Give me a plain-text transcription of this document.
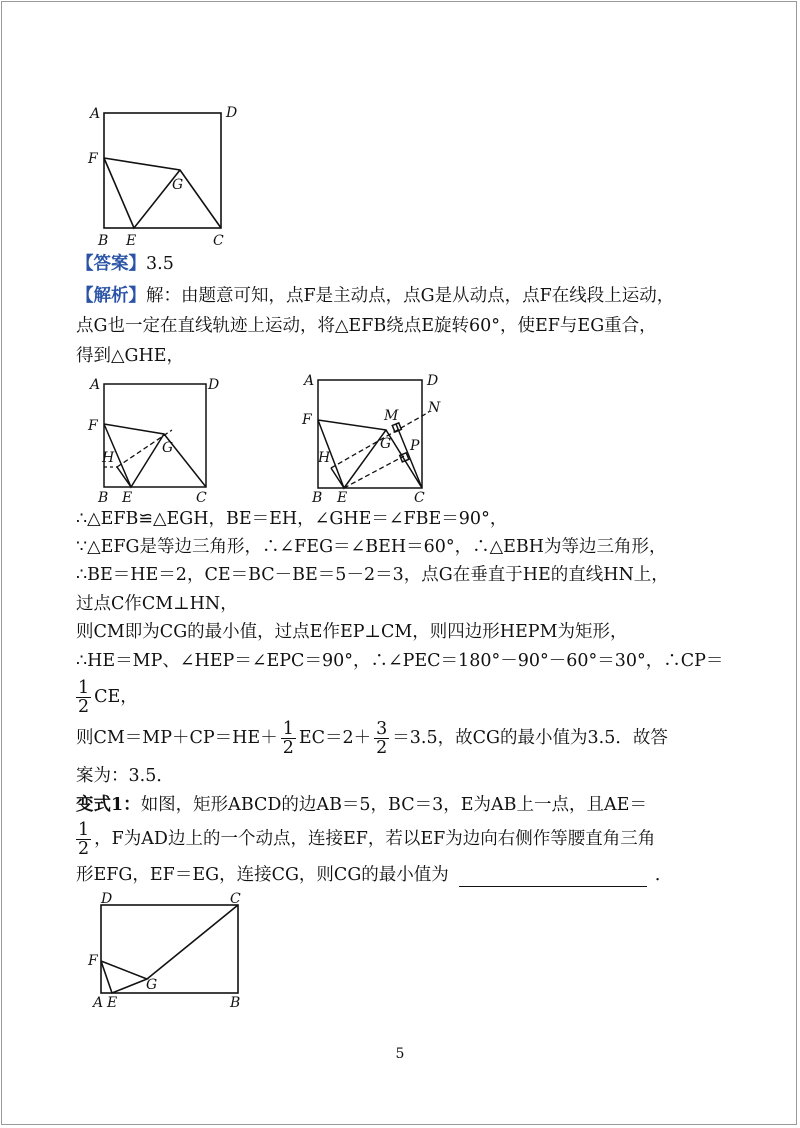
A	D
F
G
B E	C
【答案】3.5
【解析】解：由题意可知，点F是主动点，点G是从动点，点F在线段上运动，
点G也一定在直线轨迹上运动，将△EFB绕点E旋转60°，使EF与EG重合，
得到△GHE，
A	D
F
G
H
B E	C
A	D
F	M N
G P
H
B E	C
∴△EFB≌△EGH，BE＝EH，∠GHE＝∠FBE＝90°，
∵△EFG是等边三角形，∴∠FEG＝∠BEH＝60°，∴△EBH为等边三角形，
∴BE＝HE＝2，CE＝BC－BE＝5－2＝3，点G在垂直于HE的直线HN上，
过点C作CM⊥HN，
则CM即为CG的最小值，过点E作EP⊥CM，则四边形HEPM为矩形，
∴HE＝MP、∠HEP＝∠EPC＝90°，∴∠PEC＝180°－90°－60°＝30°，∴CP＝
$\frac{1}{2}$ CE，
则$CM=MP+CP=HE+ \frac{1}{2} EC=2+ \frac{3}{2} =3.5$，故CG的最小值为3.5．故答
案为：3.5．
变式1：如图，矩形ABCD的边AB＝5，BC＝3，E为AB上一点，且AE＝
$\frac{1}{2}$ ，F为AD边上的一个动点，连接EF，若以EF为边向右侧作等腰直角三角
形EFG，EF＝EG，连接CG，则CG的最小值为	．
D	C
F
G
A E	B
5
